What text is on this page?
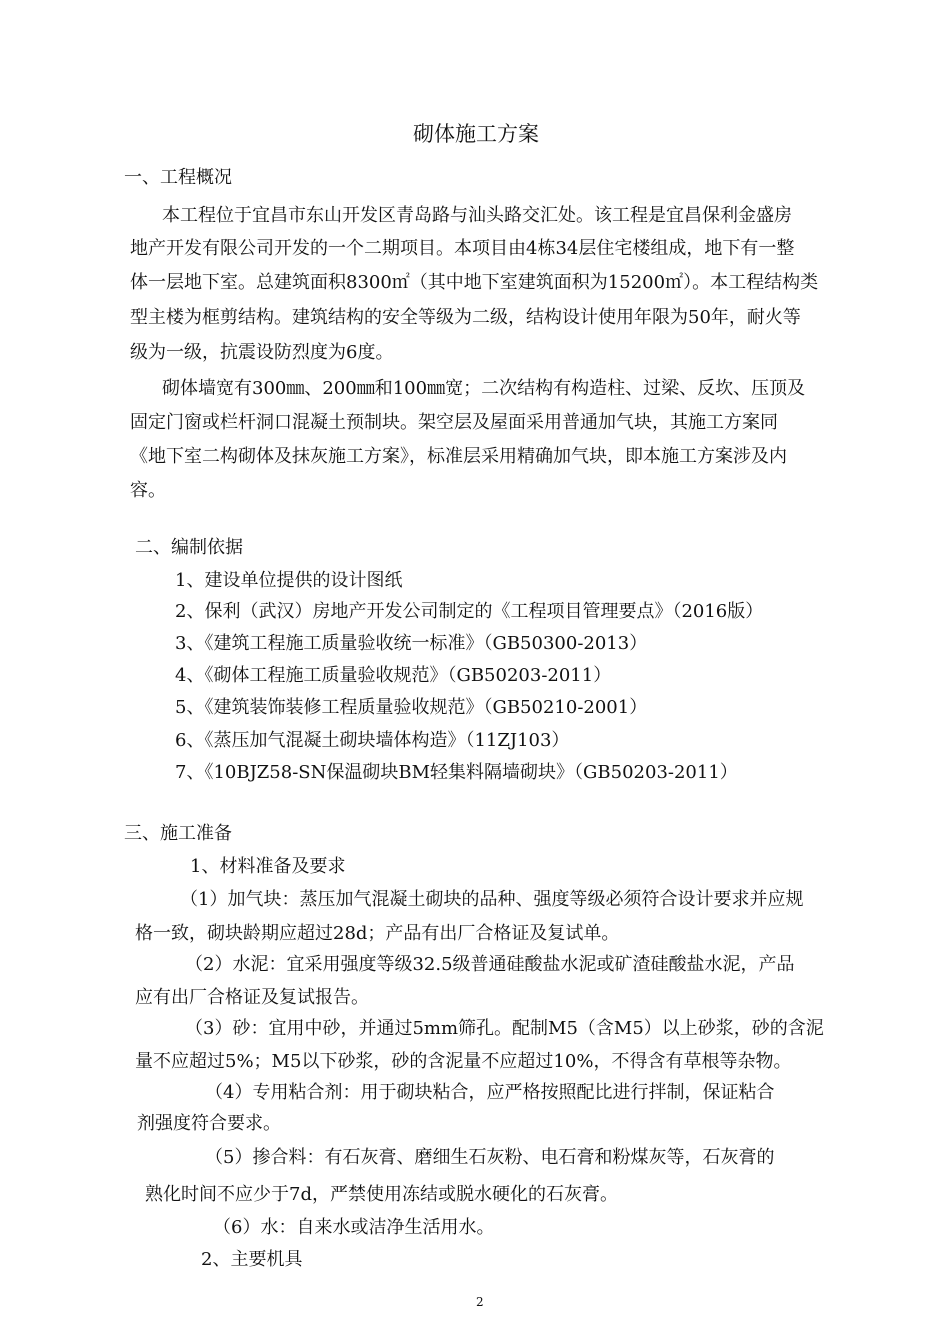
砌体施工方案
一、工程概况
本工程位于宜昌市东山开发区青岛路与汕头路交汇处。该工程是宜昌保利金盛房
地产开发有限公司开发的一个二期项目。本项目由4栋34层住宅楼组成，地下有一整
体一层地下室。总建筑面积8300㎡（其中地下室建筑面积为15200㎡）。本工程结构类
型主楼为框剪结构。建筑结构的安全等级为二级，结构设计使用年限为50年，耐火等
级为一级，抗震设防烈度为6度。
砌体墙宽有300㎜、200㎜和100㎜宽；二次结构有构造柱、过梁、反坎、压顶及
固定门窗或栏杆洞口混凝土预制块。架空层及屋面采用普通加气块，其施工方案同
《地下室二构砌体及抹灰施工方案》，标准层采用精确加气块，即本施工方案涉及内
容。
二、编制依据
1、建设单位提供的设计图纸
2、保利（武汉）房地产开发公司制定的《工程项目管理要点》（2016版）
3、《建筑工程施工质量验收统一标准》（GB50300-2013）
4、《砌体工程施工质量验收规范》（GB50203-2011）
5、《建筑装饰装修工程质量验收规范》（GB50210-2001）
6、《蒸压加气混凝土砌块墙体构造》（11ZJ103）
7、《10BJZ58-SN保温砌块BM轻集料隔墙砌块》（GB50203-2011）
三、施工准备
1、材料准备及要求
（1）加气块：蒸压加气混凝土砌块的品种、强度等级必须符合设计要求并应规
格一致，砌块龄期应超过28d；产品有出厂合格证及复试单。
（2）水泥：宜采用强度等级32.5级普通硅酸盐水泥或矿渣硅酸盐水泥，产品
应有出厂合格证及复试报告。
（3）砂：宜用中砂，并通过5mm筛孔。配制M5（含M5）以上砂浆，砂的含泥
量不应超过5%；M5以下砂浆，砂的含泥量不应超过10%，不得含有草根等杂物。
（4）专用粘合剂：用于砌块粘合，应严格按照配比进行拌制，保证粘合
剂强度符合要求。
（5）掺合料：有石灰膏、磨细生石灰粉、电石膏和粉煤灰等，石灰膏的
熟化时间不应少于7d，严禁使用冻结或脱水硬化的石灰膏。
（6）水：自来水或洁净生活用水。
2、主要机具
2
